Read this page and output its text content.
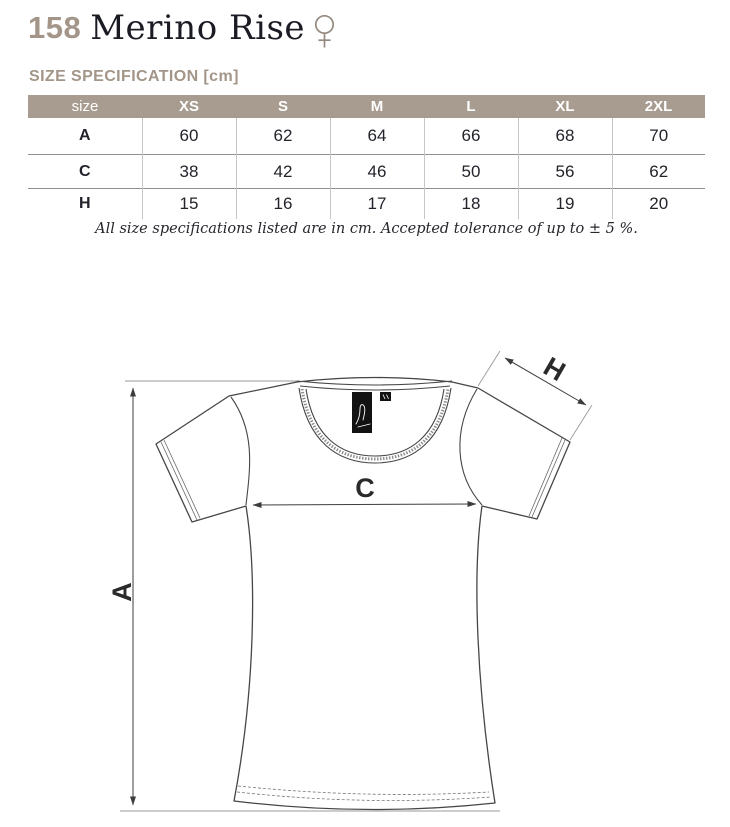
158 Merino Rise
SIZE SPECIFICATION [cm]
size	XS	S	M	L	XL	2XL
A	60	62	64	66	68	70
C	38	42	46	50	56	62
H	15	16	17	18	19	20
All size specifications listed are in cm. Accepted tolerance of up to ± 5 %.
A
C
H
